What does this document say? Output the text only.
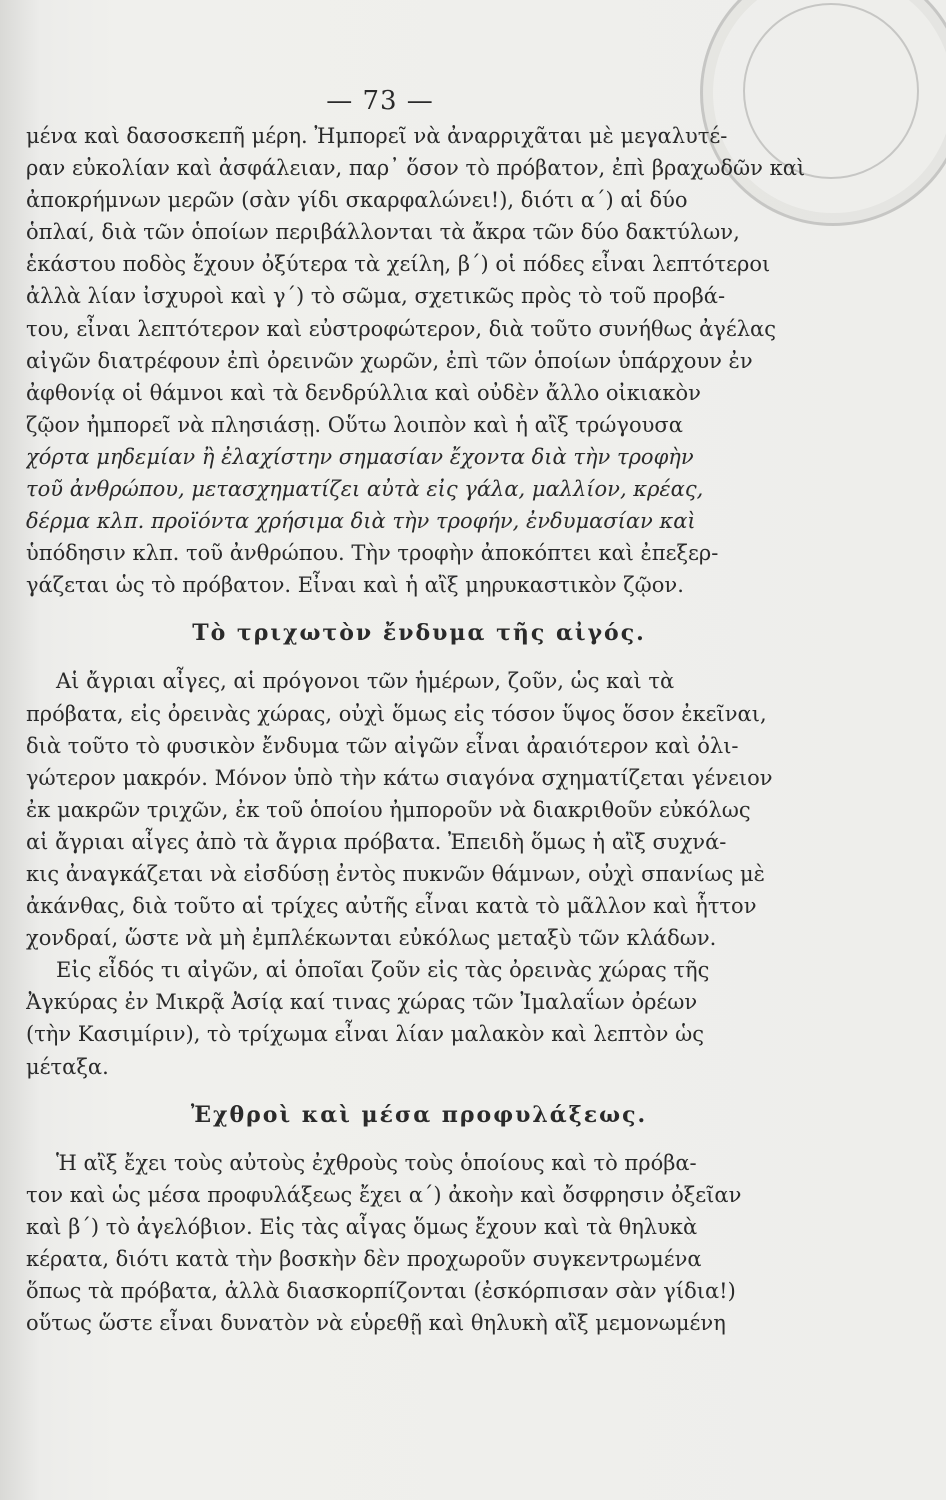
— 73 —
μένα καὶ δασοσκεπῆ μέρη. Ἠμπορεῖ νὰ ἀναρριχᾶται μὲ μεγαλυτέ-
ραν εὐκολίαν καὶ ἀσφάλειαν, παρ᾽ ὅσον τὸ πρόβατον, ἐπὶ βραχωδῶν καὶ
ἀποκρήμνων μερῶν (σὰν γίδι σκαρφαλώνει!), διότι α΄) αἱ δύο
ὁπλαί, διὰ τῶν ὁποίων περιβάλλονται τὰ ἄκρα τῶν δύο δακτύλων,
ἑκάστου ποδὸς ἔχουν ὀξύτερα τὰ χείλη, β΄) οἱ πόδες εἶναι λεπτότεροι
ἀλλὰ λίαν ἰσχυροὶ καὶ γ΄) τὸ σῶμα, σχετικῶς πρὸς τὸ τοῦ προβά-
του, εἶναι λεπτότερον καὶ εὐστροφώτερον, διὰ τοῦτο συνήθως ἀγέλας
αἰγῶν διατρέφουν ἐπὶ ὀρεινῶν χωρῶν, ἐπὶ τῶν ὁποίων ὑπάρχουν ἐν
ἀφθονίᾳ οἱ θάμνοι καὶ τὰ δενδρύλλια καὶ οὐδὲν ἄλλο οἰκιακὸν
ζῷον ἠμπορεῖ νὰ πλησιάσῃ. Οὕτω λοιπὸν καὶ ἡ αἲξ τρώγουσα
χόρτα μηδεμίαν ἢ ἐλαχίστην σημασίαν ἔχοντα διὰ τὴν τροφὴν
τοῦ ἀνθρώπου, μετασχηματίζει αὐτὰ εἰς γάλα, μαλλίον, κρέας,
δέρμα κλπ. προϊόντα χρήσιμα διὰ τὴν τροφήν, ἐνδυμασίαν καὶ
ὑπόδησιν κλπ. τοῦ ἀνθρώπου. Τὴν τροφὴν ἀποκόπτει καὶ ἐπεξερ-
γάζεται ὡς τὸ πρόβατον. Εἶναι καὶ ἡ αἲξ μηρυκαστικὸν ζῷον.
Τὸ τριχωτὸν ἔνδυμα τῆς αἰγός.
Αἱ ἄγριαι αἶγες, αἱ πρόγονοι τῶν ἡμέρων, ζοῦν, ὡς καὶ τὰ
πρόβατα, εἰς ὀρεινὰς χώρας, οὐχὶ ὅμως εἰς τόσον ὕψος ὅσον ἐκεῖναι,
διὰ τοῦτο τὸ φυσικὸν ἔνδυμα τῶν αἰγῶν εἶναι ἀραιότερον καὶ ὀλι-
γώτερον μακρόν. Μόνον ὑπὸ τὴν κάτω σιαγόνα σχηματίζεται γένειον
ἐκ μακρῶν τριχῶν, ἐκ τοῦ ὁποίου ἠμποροῦν νὰ διακριθοῦν εὐκόλως
αἱ ἄγριαι αἶγες ἀπὸ τὰ ἄγρια πρόβατα. Ἐπειδὴ ὅμως ἡ αἲξ συχνά-
κις ἀναγκάζεται νὰ εἰσδύσῃ ἐντὸς πυκνῶν θάμνων, οὐχὶ σπανίως μὲ
ἀκάνθας, διὰ τοῦτο αἱ τρίχες αὐτῆς εἶναι κατὰ τὸ μᾶλλον καὶ ἧττον
χονδραί, ὥστε νὰ μὴ ἐμπλέκωνται εὐκόλως μεταξὺ τῶν κλάδων.
Εἰς εἶδός τι αἰγῶν, αἱ ὁποῖαι ζοῦν εἰς τὰς ὀρεινὰς χώρας τῆς
Ἀγκύρας ἐν Μικρᾷ Ἀσίᾳ καί τινας χώρας τῶν Ἰμαλαΐων ὀρέων
(τὴν Κασιμίριν), τὸ τρίχωμα εἶναι λίαν μαλακὸν καὶ λεπτὸν ὡς
μέταξα.
Ἐχθροὶ καὶ μέσα προφυλάξεως.
Ἡ αἲξ ἔχει τοὺς αὐτοὺς ἐχθροὺς τοὺς ὁποίους καὶ τὸ πρόβα-
τον καὶ ὡς μέσα προφυλάξεως ἔχει α΄) ἀκοὴν καὶ ὄσφρησιν ὀξεῖαν
καὶ β΄) τὸ ἀγελόβιον. Εἰς τὰς αἶγας ὅμως ἔχουν καὶ τὰ θηλυκὰ
κέρατα, διότι κατὰ τὴν βοσκὴν δὲν προχωροῦν συγκεντρωμένα
ὅπως τὰ πρόβατα, ἀλλὰ διασκορπίζονται (ἐσκόρπισαν σὰν γίδια!)
οὕτως ὥστε εἶναι δυνατὸν νὰ εὑρεθῇ καὶ θηλυκὴ αἲξ μεμονωμένη
